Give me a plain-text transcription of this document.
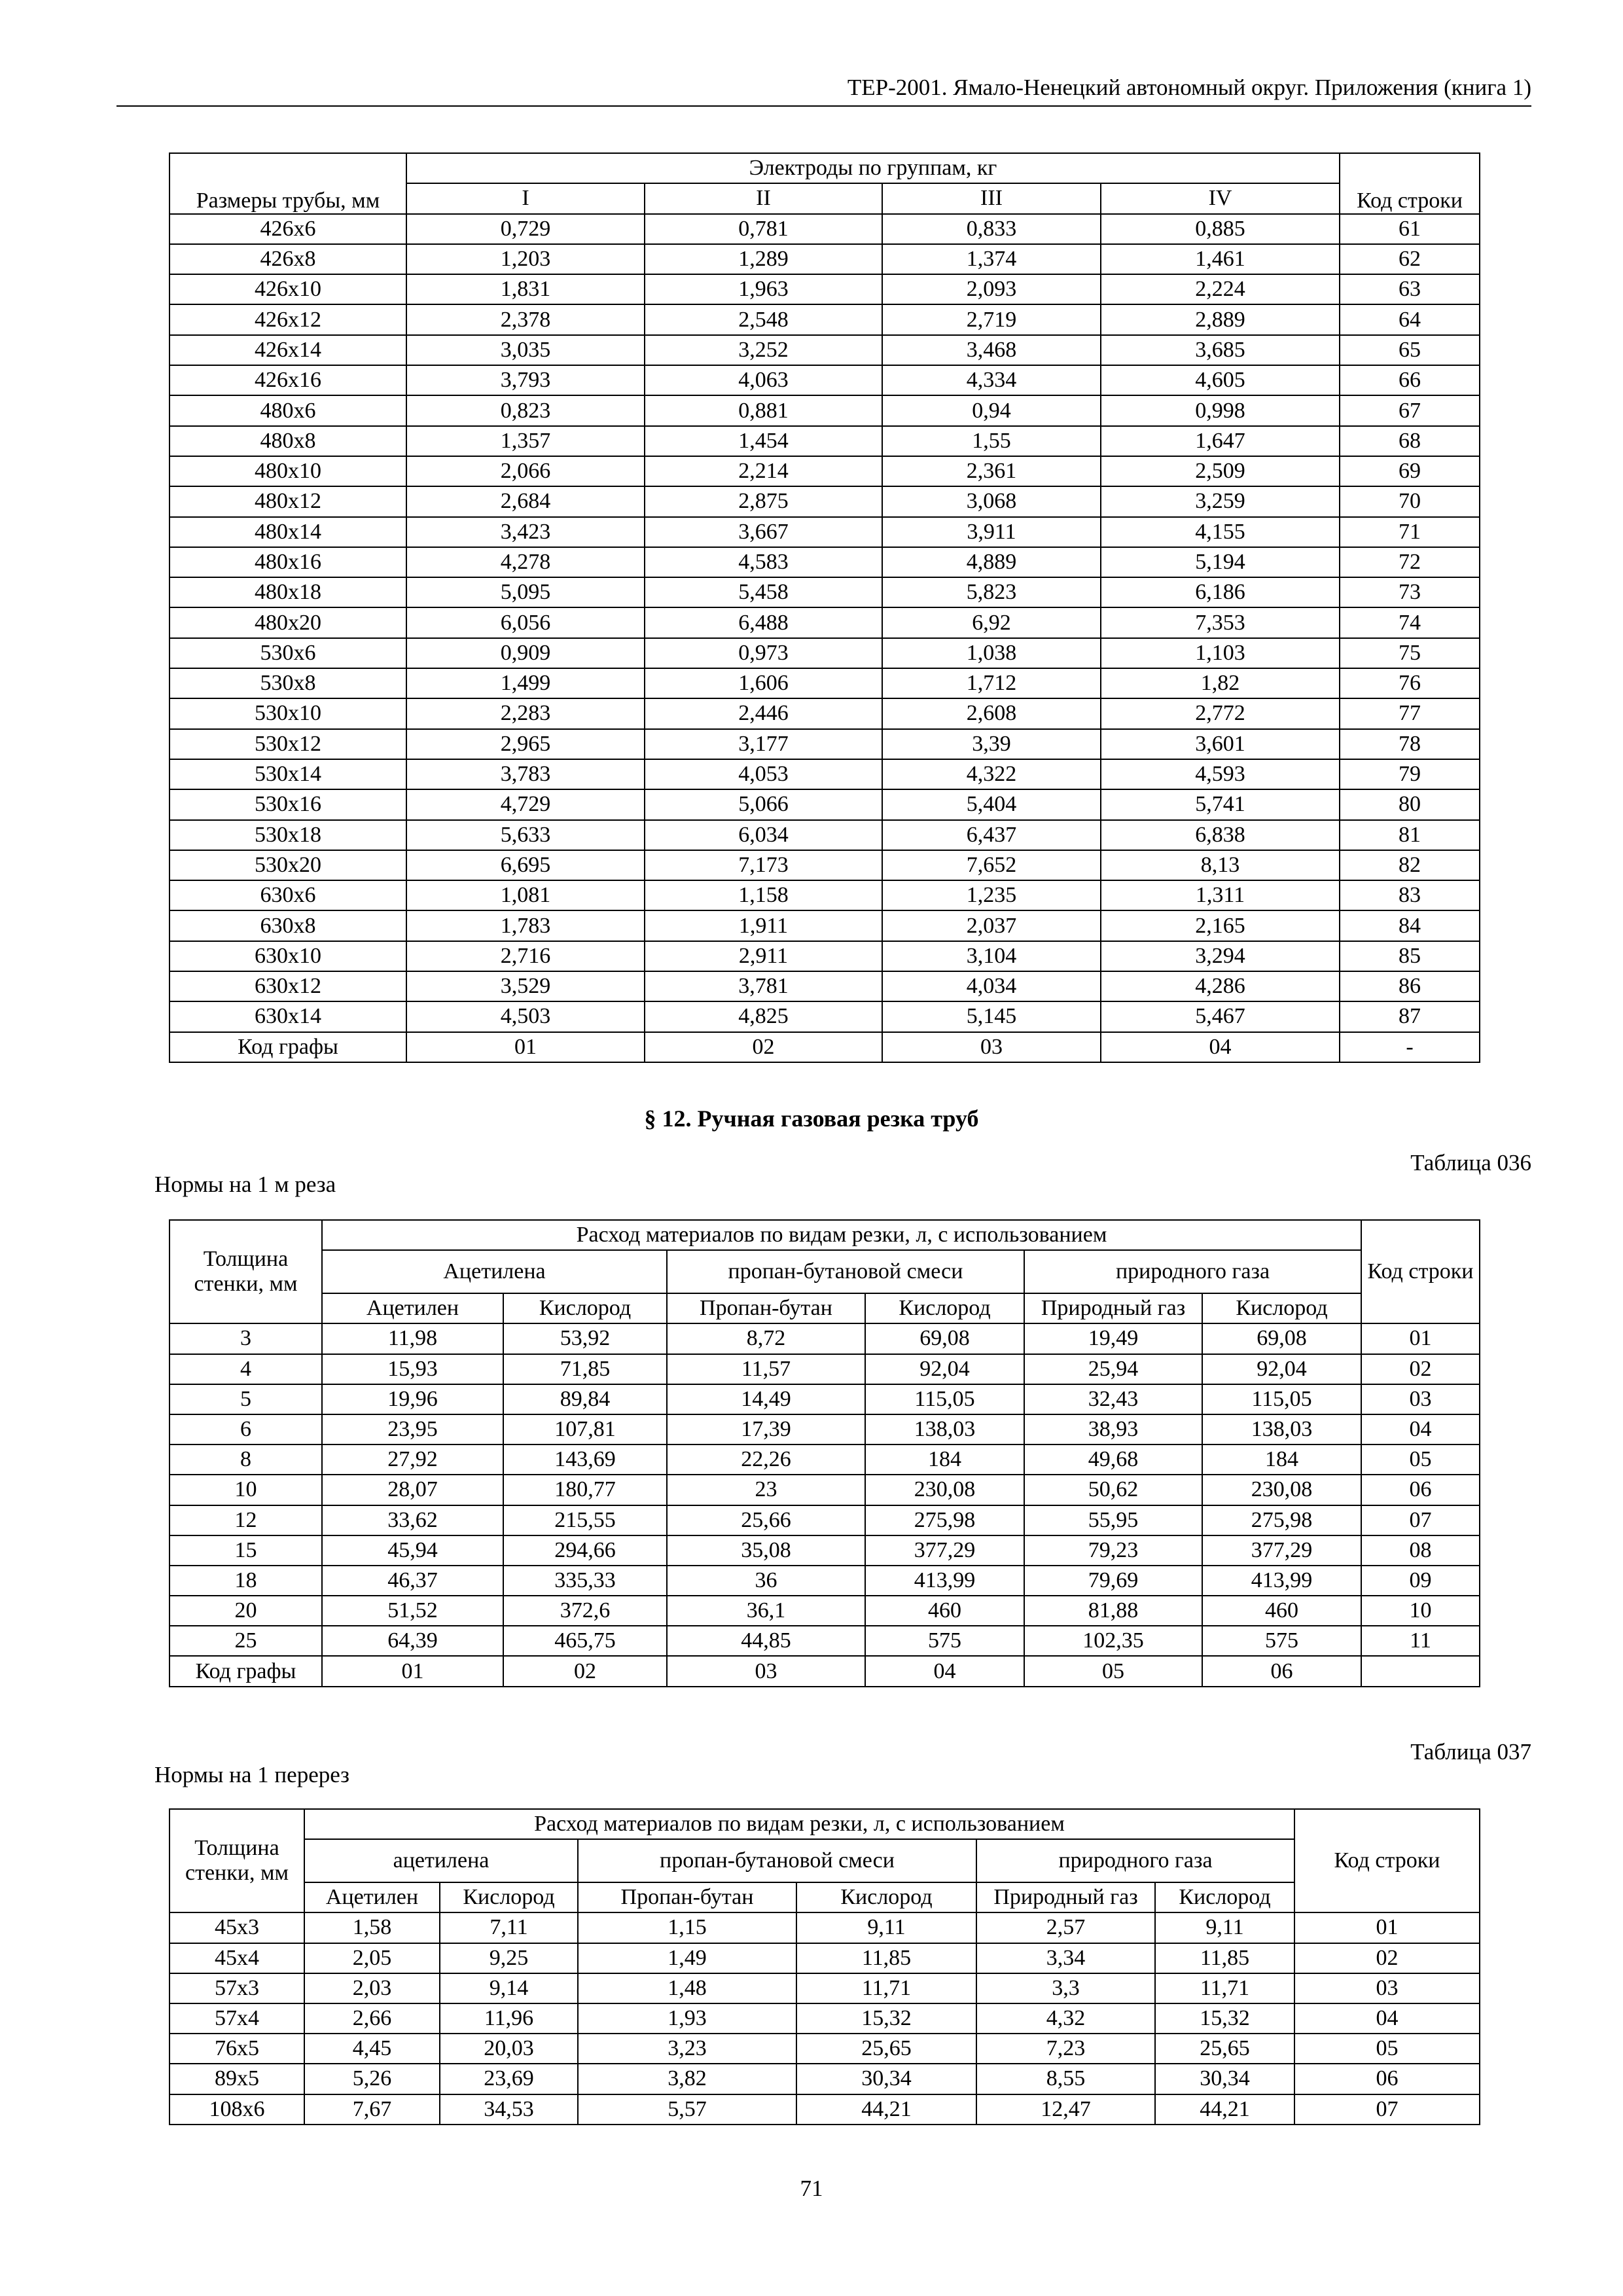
ТЕР-2001. Ямало-Ненецкий автономный округ. Приложения (книга 1)
Размеры трубы, мм	Электроды по группам, кг				Код строки
	I	II	III	IV	
426х6	0,729	0,781	0,833	0,885	61
426х8	1,203	1,289	1,374	1,461	62
426х10	1,831	1,963	2,093	2,224	63
426х12	2,378	2,548	2,719	2,889	64
426х14	3,035	3,252	3,468	3,685	65
426х16	3,793	4,063	4,334	4,605	66
480х6	0,823	0,881	0,94	0,998	67
480х8	1,357	1,454	1,55	1,647	68
480х10	2,066	2,214	2,361	2,509	69
480х12	2,684	2,875	3,068	3,259	70
480х14	3,423	3,667	3,911	4,155	71
480х16	4,278	4,583	4,889	5,194	72
480х18	5,095	5,458	5,823	6,186	73
480х20	6,056	6,488	6,92	7,353	74
530х6	0,909	0,973	1,038	1,103	75
530х8	1,499	1,606	1,712	1,82	76
530х10	2,283	2,446	2,608	2,772	77
530х12	2,965	3,177	3,39	3,601	78
530х14	3,783	4,053	4,322	4,593	79
530х16	4,729	5,066	5,404	5,741	80
530х18	5,633	6,034	6,437	6,838	81
530х20	6,695	7,173	7,652	8,13	82
630х6	1,081	1,158	1,235	1,311	83
630х8	1,783	1,911	2,037	2,165	84
630х10	2,716	2,911	3,104	3,294	85
630х12	3,529	3,781	4,034	4,286	86
630х14	4,503	4,825	5,145	5,467	87
Код графы	01	02	03	04	-
§ 12. Ручная газовая резка труб
Таблица 036
Нормы на 1 м реза
Толщина стенки, мм	Расход материалов по видам резки, л, с использованием						Код строки
	Ацетилена		пропан-бутановой смеси		природного газа		
	Ацетилен	Кислород	Пропан-бутан	Кислород	Природный газ	Кислород	
3	11,98	53,92	8,72	69,08	19,49	69,08	01
4	15,93	71,85	11,57	92,04	25,94	92,04	02
5	19,96	89,84	14,49	115,05	32,43	115,05	03
6	23,95	107,81	17,39	138,03	38,93	138,03	04
8	27,92	143,69	22,26	184	49,68	184	05
10	28,07	180,77	23	230,08	50,62	230,08	06
12	33,62	215,55	25,66	275,98	55,95	275,98	07
15	45,94	294,66	35,08	377,29	79,23	377,29	08
18	46,37	335,33	36	413,99	79,69	413,99	09
20	51,52	372,6	36,1	460	81,88	460	10
25	64,39	465,75	44,85	575	102,35	575	11
Код графы	01	02	03	04	05	06	
Таблица 037
Нормы на 1 перерез
Толщина стенки, мм	Расход материалов по видам резки, л, с использованием						Код строки
	ацетилена		пропан-бутановой смеси		природного газа		
	Ацетилен	Кислород	Пропан-бутан	Кислород	Природный газ	Кислород	
45х3	1,58	7,11	1,15	9,11	2,57	9,11	01
45х4	2,05	9,25	1,49	11,85	3,34	11,85	02
57х3	2,03	9,14	1,48	11,71	3,3	11,71	03
57х4	2,66	11,96	1,93	15,32	4,32	15,32	04
76х5	4,45	20,03	3,23	25,65	7,23	25,65	05
89х5	5,26	23,69	3,82	30,34	8,55	30,34	06
108х6	7,67	34,53	5,57	44,21	12,47	44,21	07
71
